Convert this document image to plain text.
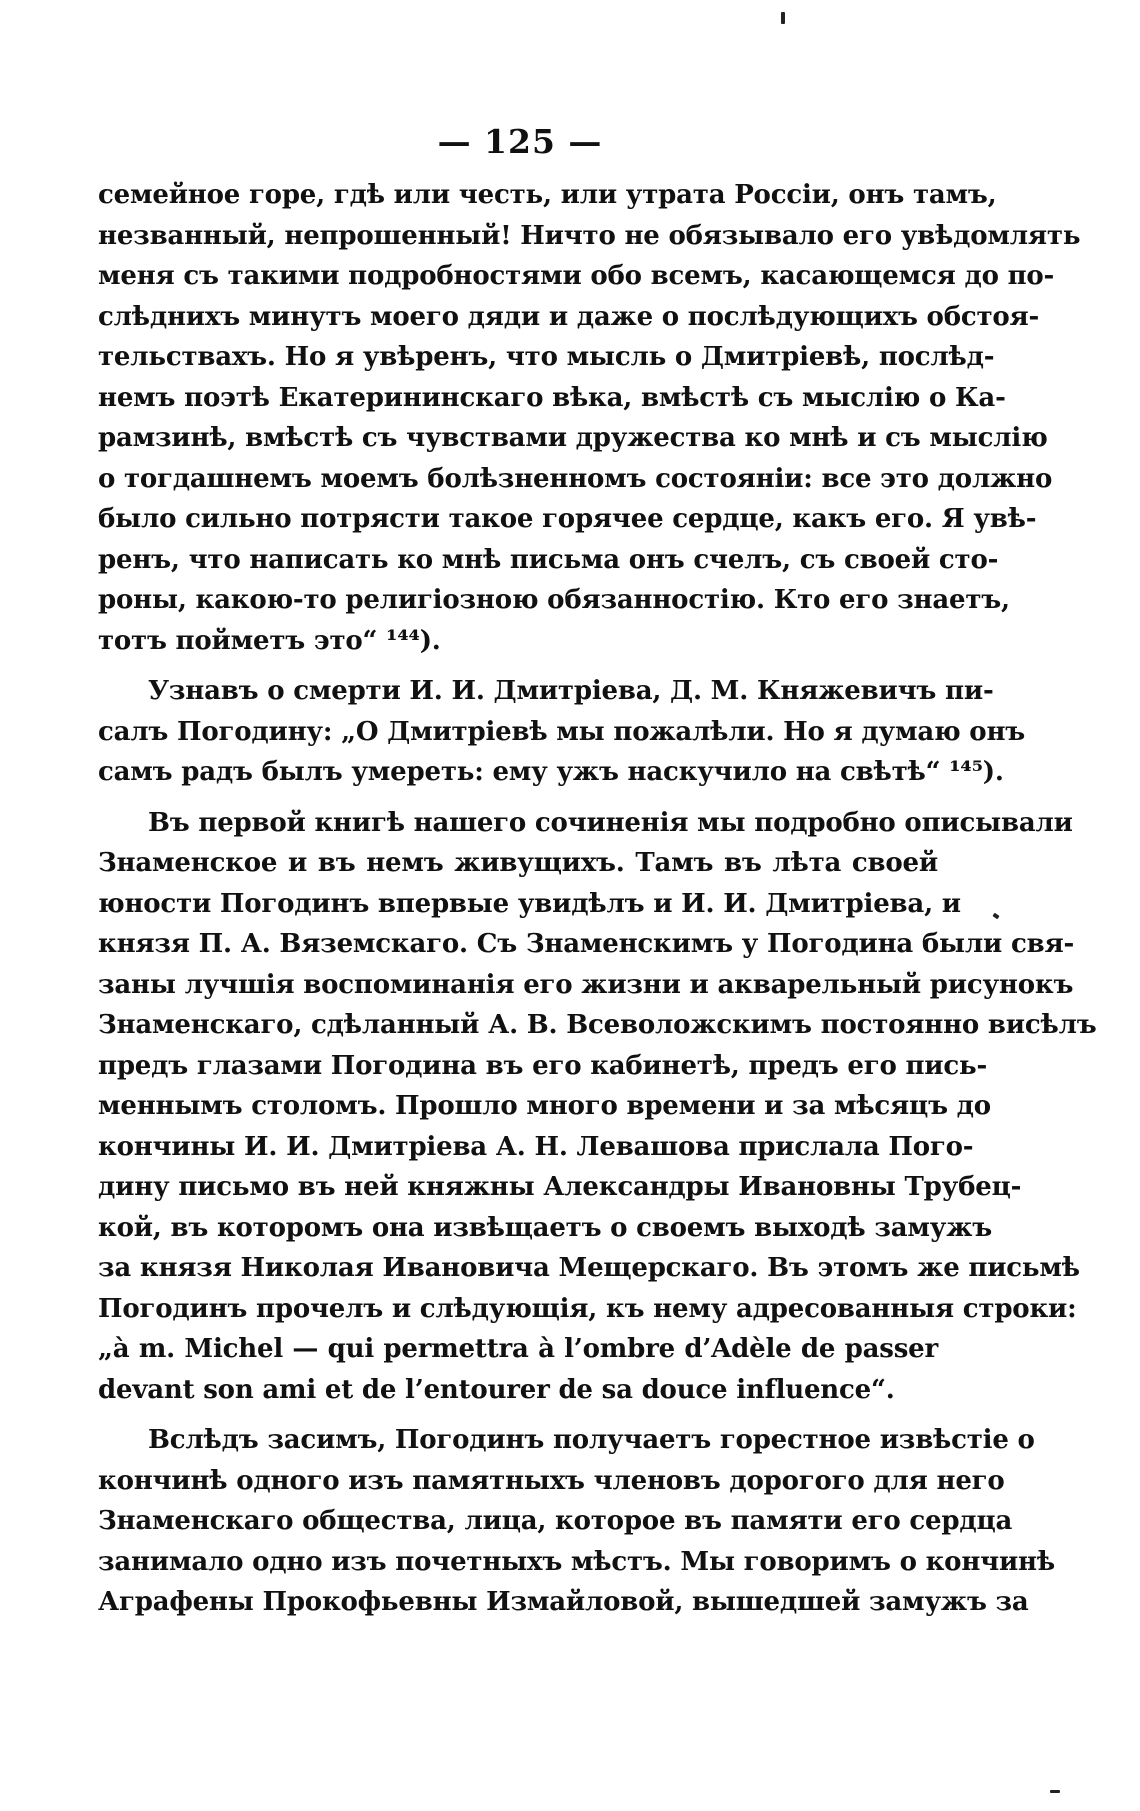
— 125 —
семейное горе, гдѣ или честь, или утрата Россіи, онъ тамъ,
незванный, непрошенный! Ничто не обязывало его увѣдомлять
меня съ такими подробностями обо всемъ, касающемся до по-
слѣднихъ минутъ моего дяди и даже о послѣдующихъ обстоя-
тельствахъ. Но я увѣренъ, что мысль о Дмитріевѣ, послѣд-
немъ поэтѣ Екатерининскаго вѣка, вмѣстѣ съ мыслію о Ка-
рамзинѣ, вмѣстѣ съ чувствами дружества ко мнѣ и съ мыслію
о тогдашнемъ моемъ болѣзненномъ состояніи: все это должно
было сильно потрясти такое горячее сердце, какъ его. Я увѣ-
ренъ, что написать ко мнѣ письма онъ счелъ, съ своей сто-
роны, какою-то религіозною обязанностію. Кто его знаетъ,
тотъ пойметъ это“ ¹⁴⁴).
Узнавъ о смерти И. И. Дмитріева, Д. М. Княжевичъ пи-
салъ Погодину: „О Дмитріевѣ мы пожалѣли. Но я думаю онъ
самъ радъ былъ умереть: ему ужъ наскучило на свѣтѣ“ ¹⁴⁵).
Въ первой книгѣ нашего сочиненія мы подробно описывали
Знаменское и въ немъ живущихъ. Тамъ въ лѣта своей
юности Погодинъ впервые увидѣлъ и И. И. Дмитріева, и
князя П. А. Вяземскаго. Съ Знаменскимъ у Погодина были свя-
заны лучшія воспоминанія его жизни и акварельный рисунокъ
Знаменскаго, сдѣланный А. В. Всеволожскимъ постоянно висѣлъ
предъ глазами Погодина въ его кабинетѣ, предъ его пись-
меннымъ столомъ. Прошло много времени и за мѣсяцъ до
кончины И. И. Дмитріева А. Н. Левашова прислала Пого-
дину письмо въ ней княжны Александры Ивановны Трубец-
кой, въ которомъ она извѣщаетъ о своемъ выходѣ замужъ
за князя Николая Ивановича Мещерскаго. Въ этомъ же письмѣ
Погодинъ прочелъ и слѣдующія, къ нему адресованныя строки:
„à m. Michel — qui permettra à l’ombre d’Adèle de passer
devant son ami et de l’entourer de sa douce influence“.
Вслѣдъ засимъ, Погодинъ получаетъ горестное извѣстіе о
кончинѣ одного изъ памятныхъ членовъ дорогого для него
Знаменскаго общества, лица, которое въ памяти его сердца
занимало одно изъ почетныхъ мѣстъ. Мы говоримъ о кончинѣ
Аграфены Прокофьевны Измайловой, вышедшей замужъ за
